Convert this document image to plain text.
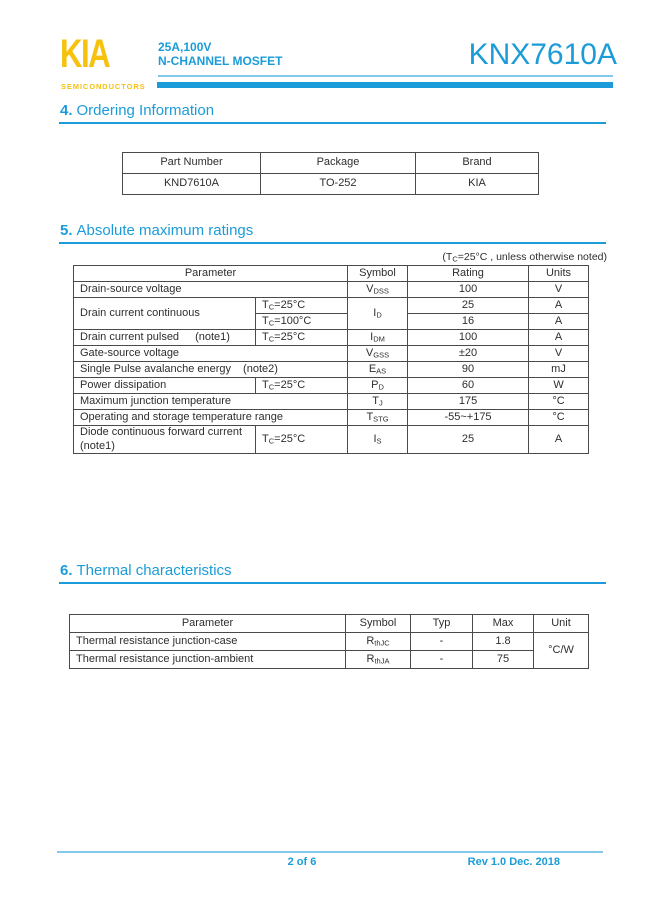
KIA
SEMICONDUCTORS
25A,100V
N-CHANNEL MOSFET	KNX7610A
4. Ordering Information
Part Number	Package	Brand
KND7610A	TO-252	KIA
5. Absolute maximum ratings
($T_C=25^\circ C$ , unless otherwise noted)
Parameter		Symbol	Rating	Units
Drain-source voltage		$V_{DSS}$	100	V
Drain current continuous	$T_C=25^\circ C$	$I_D$	25	A
	$T_C=100^\circ C$		16	A
Drain current pulsed (note1)	$T_C=25^\circ C$	$I_{DM}$	100	A
Gate-source voltage		$V_{GSS}$	±20	V
Single Pulse avalanche energy (note2)		$E_{AS}$	90	mJ
Power dissipation	$T_C=25^\circ C$	$P_D$	60	W
Maximum junction temperature		$T_J$	175	°C
Operating and storage temperature range		$T_{STG}$	-55~+175	°C
Diode continuous forward current (note1)	$T_C=25^\circ C$	$I_S$	25	A
6. Thermal characteristics
Parameter	Symbol	Typ	Max	Unit
Thermal resistance junction-case	$R_{thJC}$	-	1.8	°C/W
Thermal resistance junction-ambient	$R_{thJA}$	-	75	
2 of 6	Rev 1.0 Dec. 2018
